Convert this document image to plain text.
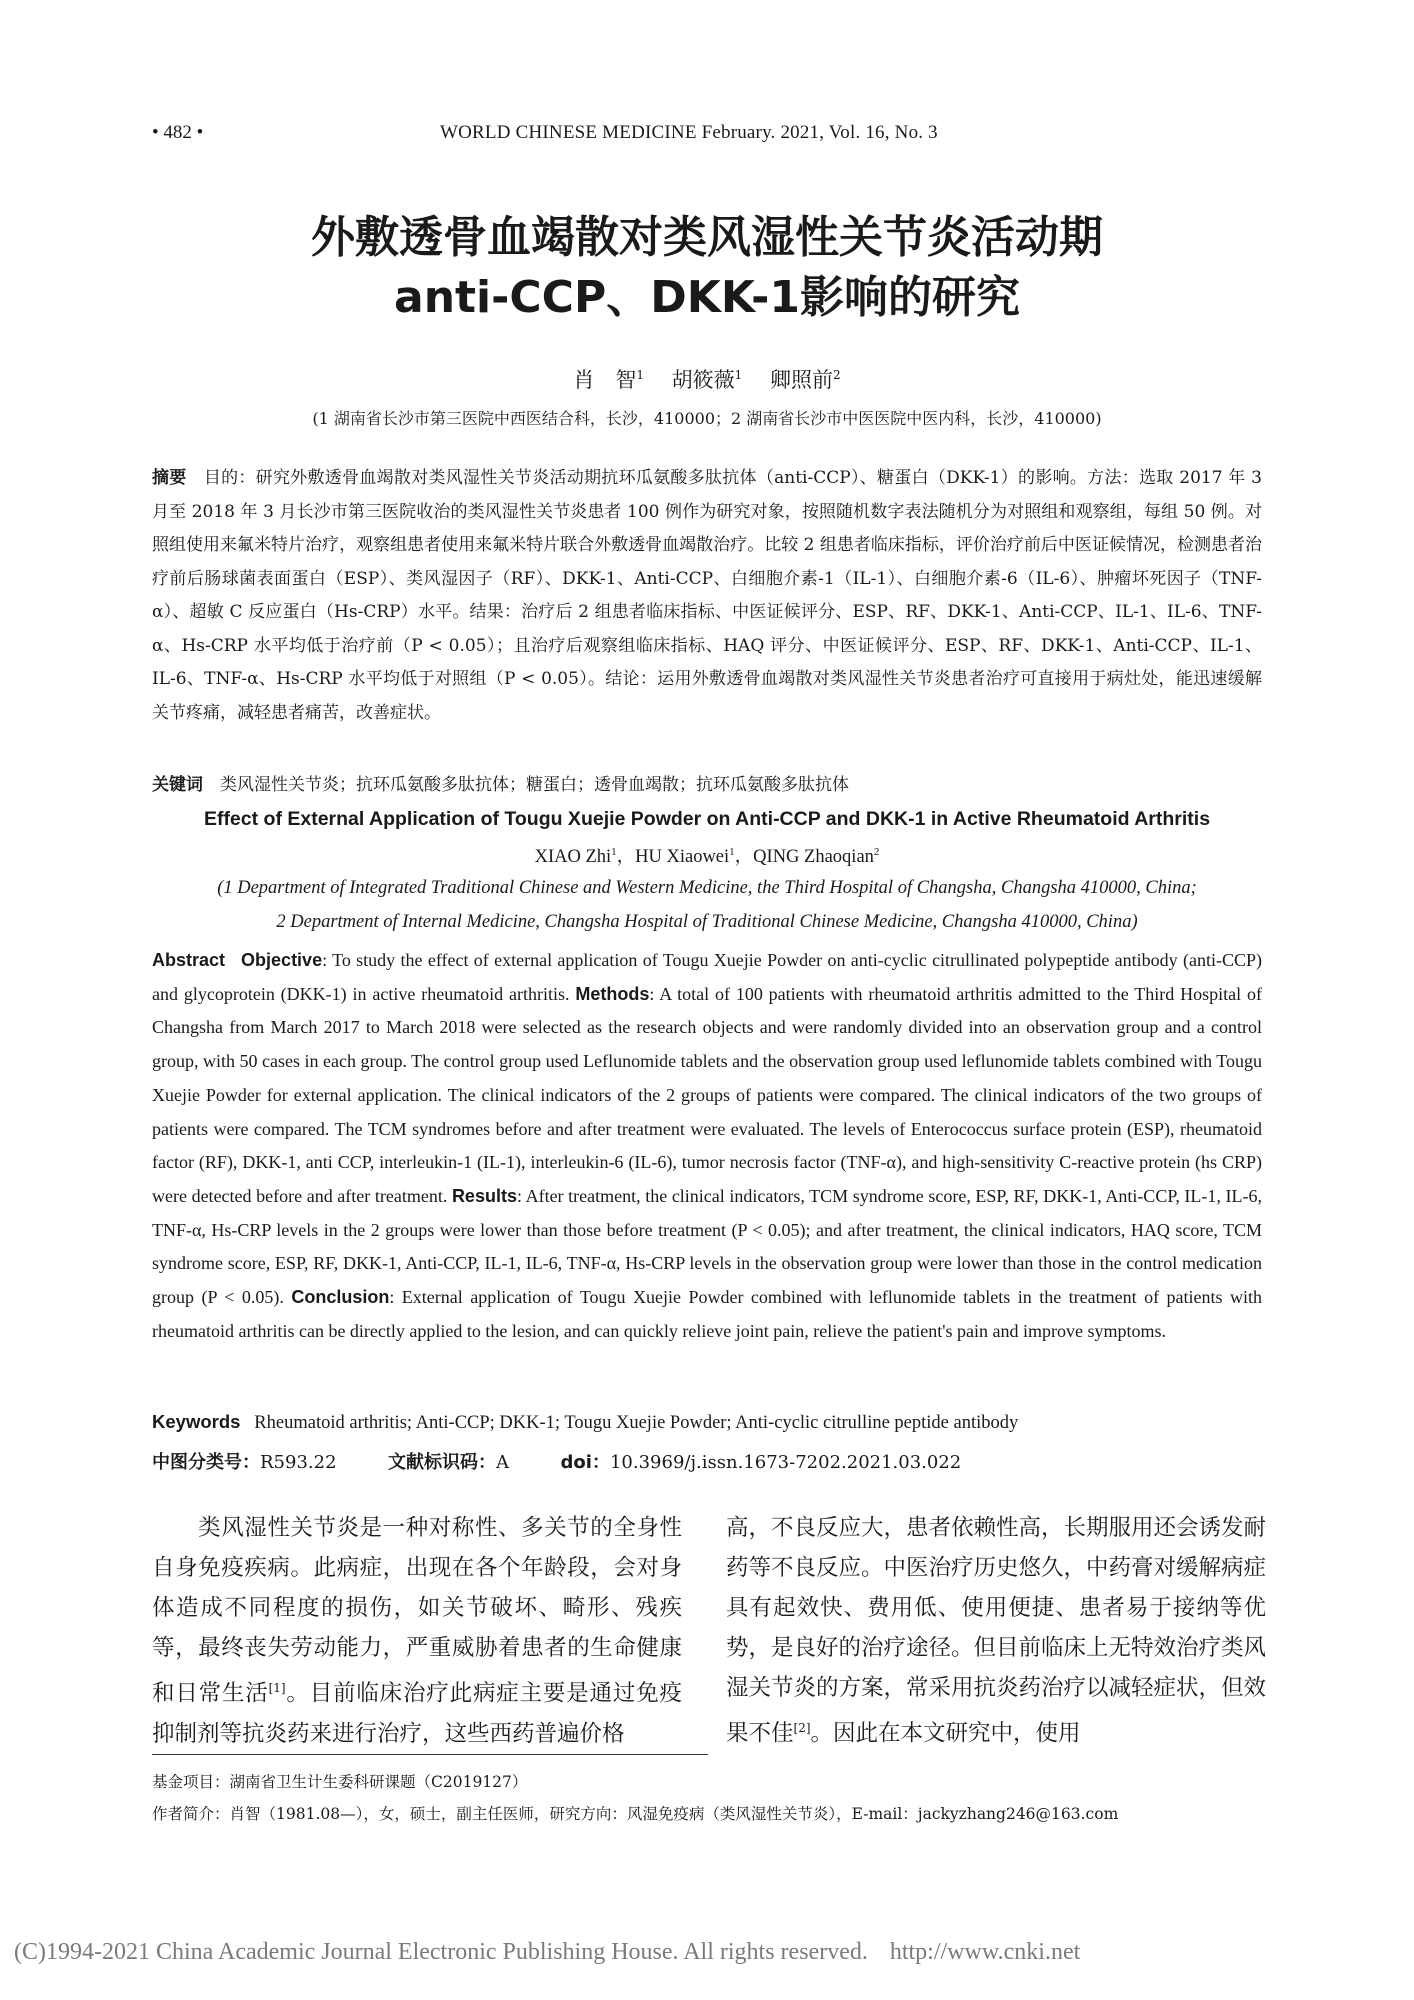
• 482 •	WORLD CHINESE MEDICINE February. 2021, Vol. 16, No. 3
外敷透骨血竭散对类风湿性关节炎活动期
anti-CCP、DKK-1影响的研究
肖　智$^1$ 　 胡筱薇$^1$ 　 卿照前$^2$
(1 湖南省长沙市第三医院中西医结合科，长沙，410000；2 湖南省长沙市中医医院中医内科，长沙，410000)
摘要　 目的：研究外敷透骨血竭散对类风湿性关节炎活动期抗环瓜氨酸多肽抗体（anti-CCP）、糖蛋白（DKK-1）的影响。方法：选取 2017 年 3 月至 2018 年 3 月长沙市第三医院收治的类风湿性关节炎患者 100 例作为研究对象，按照随机数字表法随机分为对照组和观察组，每组 50 例。对照组使用来氟米特片治疗，观察组患者使用来氟米特片联合外敷透骨血竭散治疗。比较 2 组患者临床指标，评价治疗前后中医证候情况，检测患者治疗前后肠球菌表面蛋白（ESP）、类风湿因子（RF）、DKK-1、Anti-CCP、白细胞介素-1（IL-1）、白细胞介素-6（IL-6）、肿瘤坏死因子（TNF-α）、超敏 C 反应蛋白（Hs-CRP）水平。结果：治疗后 2 组患者临床指标、中医证候评分、ESP、RF、DKK-1、Anti-CCP、IL-1、IL-6、TNF-α、Hs-CRP 水平均低于治疗前（P < 0.05）；且治疗后观察组临床指标、HAQ 评分、中医证候评分、ESP、RF、DKK-1、Anti-CCP、IL-1、IL-6、TNF-α、Hs-CRP 水平均低于对照组（P < 0.05）。结论：运用外敷透骨血竭散对类风湿性关节炎患者治疗可直接用于病灶处，能迅速缓解关节疼痛，减轻患者痛苦，改善症状。
关键词　 类风湿性关节炎；抗环瓜氨酸多肽抗体；糖蛋白；透骨血竭散；抗环瓜氨酸多肽抗体
Effect of External Application of Tougu Xuejie Powder on Anti-CCP and DKK-1 in Active Rheumatoid Arthritis
XIAO Zhi$^1$，HU Xiaowei$^1$，QING Zhaoqian$^2$
(1 Department of Integrated Traditional Chinese and Western Medicine, the Third Hospital of Changsha, Changsha 410000, China;
2 Department of Internal Medicine, Changsha Hospital of Traditional Chinese Medicine, Changsha 410000, China)
Abstract Objective: To study the effect of external application of Tougu Xuejie Powder on anti-cyclic citrullinated polypeptide antibody (anti-CCP) and glycoprotein (DKK-1) in active rheumatoid arthritis. Methods: A total of 100 patients with rheumatoid arthritis admitted to the Third Hospital of Changsha from March 2017 to March 2018 were selected as the research objects and were randomly divided into an observation group and a control group, with 50 cases in each group. The control group used Leflunomide tablets and the observation group used leflunomide tablets combined with Tougu Xuejie Powder for external application. The clinical indicators of the 2 groups of patients were compared. The clinical indicators of the two groups of patients were compared. The TCM syndromes before and after treatment were evaluated. The levels of Enterococcus surface protein (ESP), rheumatoid factor (RF), DKK-1, anti CCP, interleukin-1 (IL-1), interleukin-6 (IL-6), tumor necrosis factor (TNF-α), and high-sensitivity C-reactive protein (hs CRP) were detected before and after treatment. Results: After treatment, the clinical indicators, TCM syndrome score, ESP, RF, DKK-1, Anti-CCP, IL-1, IL-6, TNF-α, Hs-CRP levels in the 2 groups were lower than those before treatment (P < 0.05); and after treatment, the clinical indicators, HAQ score, TCM syndrome score, ESP, RF, DKK-1, Anti-CCP, IL-1, IL-6, TNF-α, Hs-CRP levels in the observation group were lower than those in the control medication group (P < 0.05). Conclusion: External application of Tougu Xuejie Powder combined with leflunomide tablets in the treatment of patients with rheumatoid arthritis can be directly applied to the lesion, and can quickly relieve joint pain, relieve the patient's pain and improve symptoms.
Keywords Rheumatoid arthritis; Anti-CCP; DKK-1; Tougu Xuejie Powder; Anti-cyclic citrulline peptide antibody
中图分类号：R593.22	文献标识码：A	doi：10.3969/j.issn.1673-7202.2021.03.022
　　类风湿性关节炎是一种对称性、多关节的全身性自身免疫疾病。此病症，出现在各个年龄段，会对身体造成不同程度的损伤，如关节破坏、畸形、残疾等，最终丧失劳动能力，严重威胁着患者的生命健康和日常生活[1]。目前临床治疗此病症主要是通过免疫抑制剂等抗炎药来进行治疗，这些西药普遍价格
高，不良反应大，患者依赖性高，长期服用还会诱发耐药等不良反应。中医治疗历史悠久，中药膏对缓解病症具有起效快、费用低、使用便捷、患者易于接纳等优势，是良好的治疗途径。但目前临床上无特效治疗类风湿关节炎的方案，常采用抗炎药治疗以减轻症状，但效果不佳[2]。因此在本文研究中，使用
基金项目：湖南省卫生计生委科研课题（C2019127）
作者简介：肖智（1981.08—），女，硕士，副主任医师，研究方向：风湿免疫病（类风湿性关节炎），E-mail：jackyzhang246@163.com
(C)1994-2021 China Academic Journal Electronic Publishing House. All rights reserved. http://www.cnki.net
